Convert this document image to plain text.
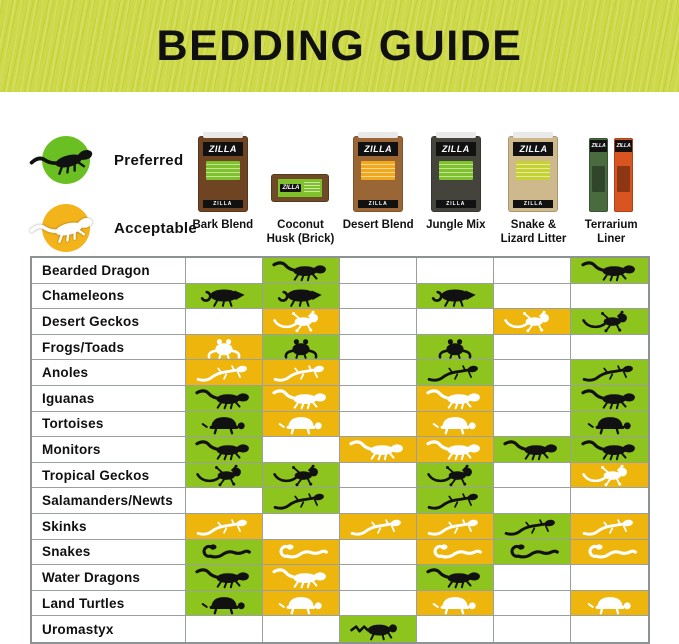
BEDDING GUIDE
Preferred
Acceptable
ZILLA
ZILLA
Bark Blend
ZILLA
Coconut Husk (Brick)
ZILLA
ZILLA
Desert Blend
ZILLA
ZILLA
Jungle Mix
ZILLA
ZILLA
Snake & Lizard Litter
ZILLA ZILLA
Terrarium Liner
Bearded Dragon
Chameleons
Desert Geckos
Frogs/Toads
Anoles
Iguanas
Tortoises
Monitors
Tropical Geckos
Salamanders/Newts
Skinks
Snakes
Water Dragons
Land Turtles
Uromastyx
